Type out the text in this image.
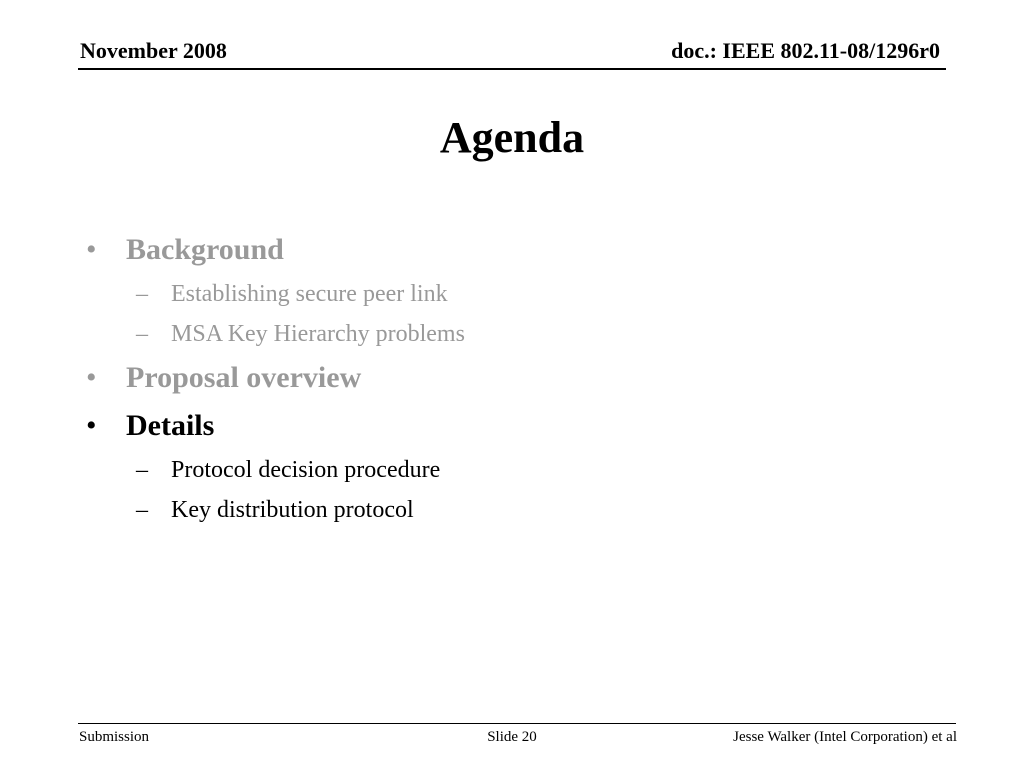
November 2008	doc.: IEEE 802.11-08/1296r0
Agenda
• Background
– Establishing secure peer link
– MSA Key Hierarchy problems
• Proposal overview
• Details
– Protocol decision procedure
– Key distribution protocol
Submission	Slide 20	Jesse Walker (Intel Corporation) et al
